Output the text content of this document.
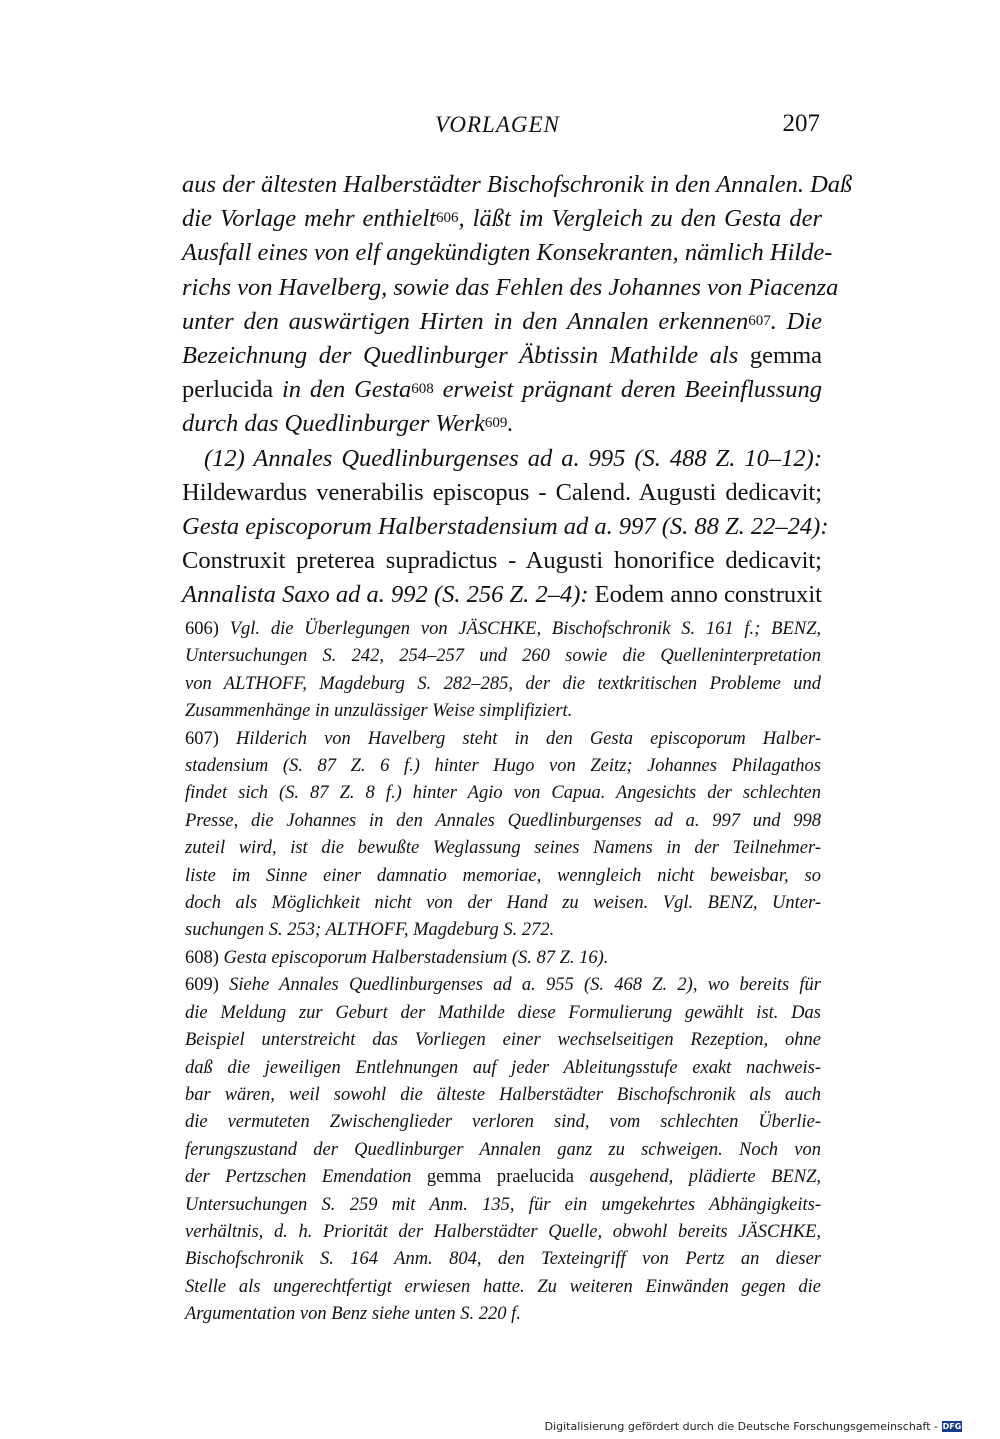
VORLAGEN	207
aus der ältesten Halberstädter Bischofschronik in den Annalen. Daß
die Vorlage mehr enthielt$^{606}$, läßt im Vergleich zu den Gesta der
Ausfall eines von elf angekündigten Konsekranten, nämlich Hilde-
richs von Havelberg, sowie das Fehlen des Johannes von Piacenza
unter den auswärtigen Hirten in den Annalen erkennen$^{607}$. Die
Bezeichnung der Quedlinburger Äbtissin Mathilde als gemma
perlucida in den Gesta$^{608}$ erweist prägnant deren Beeinflussung
durch das Quedlinburger Werk$^{609}$.
(12) Annales Quedlinburgenses ad a. 995 (S. 488 Z. 10–12):
Hildewardus venerabilis episcopus - Calend. Augusti dedicavit;
Gesta episcoporum Halberstadensium ad a. 997 (S. 88 Z. 22–24):
Construxit preterea supradictus - Augusti honorifice dedicavit;
Annalista Saxo ad a. 992 (S. 256 Z. 2–4): Eodem anno construxit
606) Vgl. die Überlegungen von JÄSCHKE, Bischofschronik S. 161 f.; BENZ,
Untersuchungen S. 242, 254–257 und 260 sowie die Quelleninterpretation
von ALTHOFF, Magdeburg S. 282–285, der die textkritischen Probleme und
Zusammenhänge in unzulässiger Weise simplifiziert.
607) Hilderich von Havelberg steht in den Gesta episcoporum Halber-
stadensium (S. 87 Z. 6 f.) hinter Hugo von Zeitz; Johannes Philagathos
findet sich (S. 87 Z. 8 f.) hinter Agio von Capua. Angesichts der schlechten
Presse, die Johannes in den Annales Quedlinburgenses ad a. 997 und 998
zuteil wird, ist die bewußte Weglassung seines Namens in der Teilnehmer-
liste im Sinne einer damnatio memoriae, wenngleich nicht beweisbar, so
doch als Möglichkeit nicht von der Hand zu weisen. Vgl. BENZ, Unter-
suchungen S. 253; ALTHOFF, Magdeburg S. 272.
608) Gesta episcoporum Halberstadensium (S. 87 Z. 16).
609) Siehe Annales Quedlinburgenses ad a. 955 (S. 468 Z. 2), wo bereits für
die Meldung zur Geburt der Mathilde diese Formulierung gewählt ist. Das
Beispiel unterstreicht das Vorliegen einer wechselseitigen Rezeption, ohne
daß die jeweiligen Entlehnungen auf jeder Ableitungsstufe exakt nachweis-
bar wären, weil sowohl die älteste Halberstädter Bischofschronik als auch
die vermuteten Zwischenglieder verloren sind, vom schlechten Überlie-
ferungszustand der Quedlinburger Annalen ganz zu schweigen. Noch von
der Pertzschen Emendation gemma praelucida ausgehend, plädierte BENZ,
Untersuchungen S. 259 mit Anm. 135, für ein umgekehrtes Abhängigkeits-
verhältnis, d. h. Priorität der Halberstädter Quelle, obwohl bereits JÄSCHKE,
Bischofschronik S. 164 Anm. 804, den Texteingriff von Pertz an dieser
Stelle als ungerechtfertigt erwiesen hatte. Zu weiteren Einwänden gegen die
Argumentation von Benz siehe unten S. 220 f.
Digitalisierung gefördert durch die Deutsche Forschungsgemeinschaft - DFG
